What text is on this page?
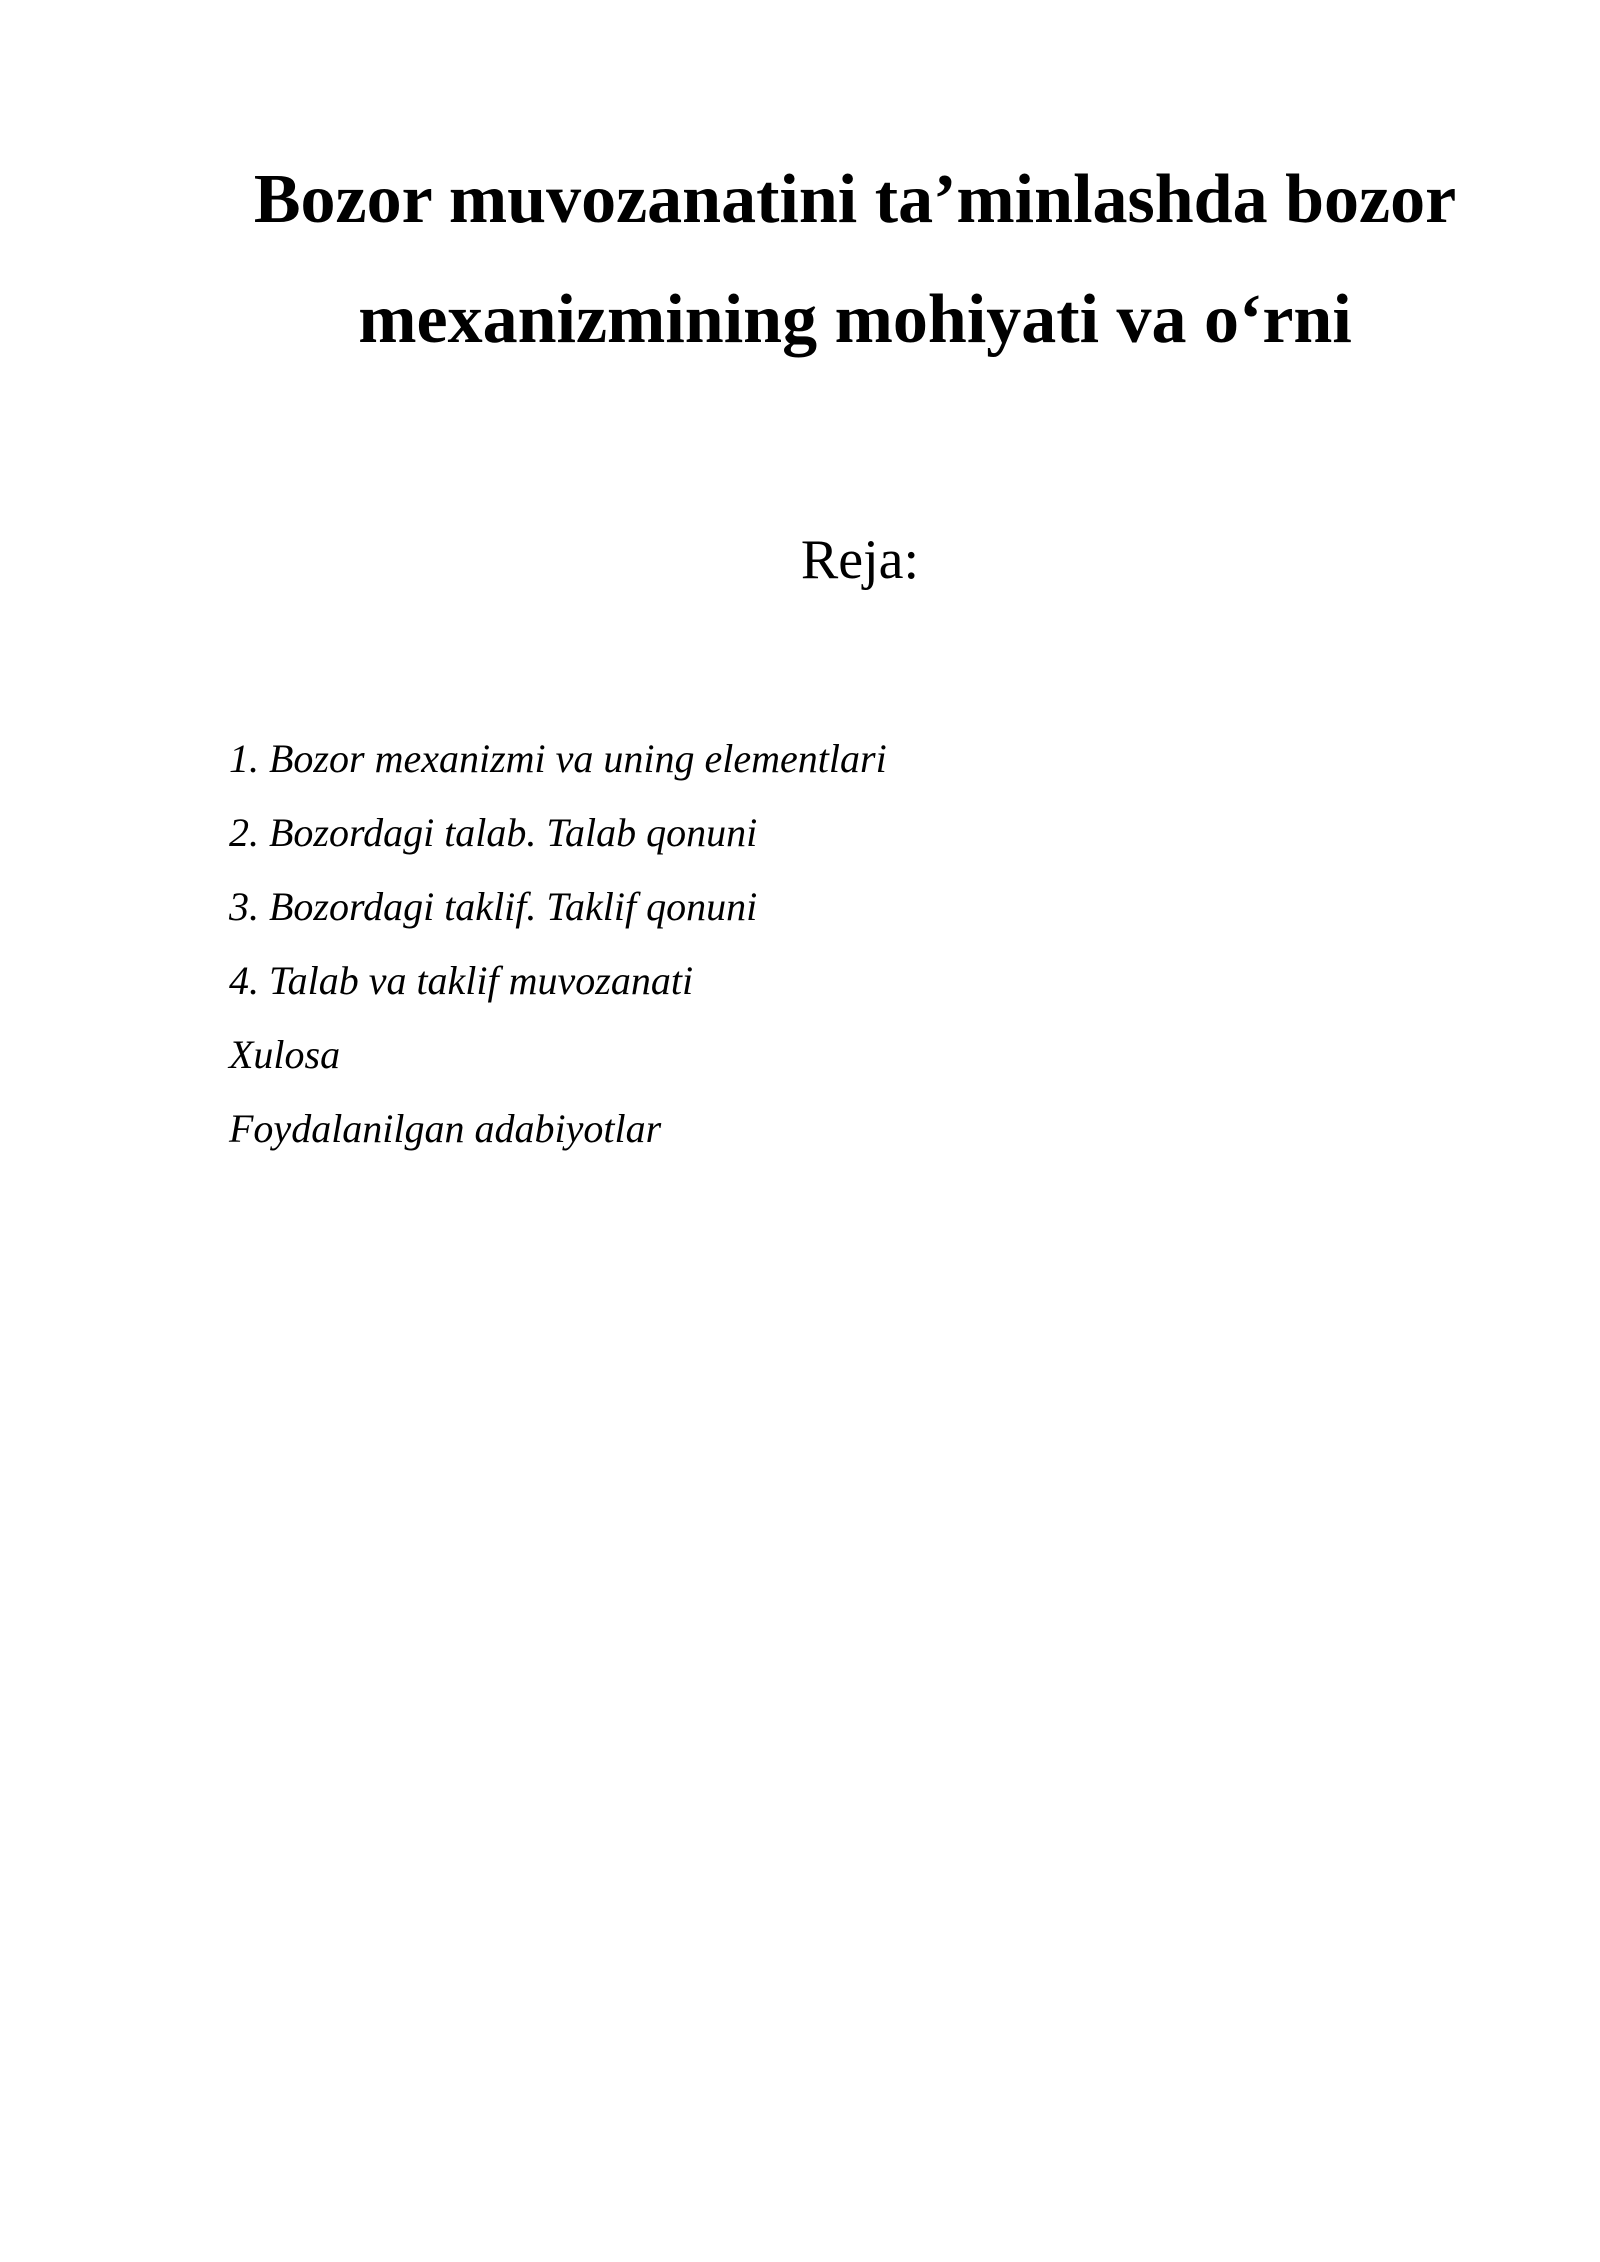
Bozor muvozanatini ta’minlashda bozor
mexanizmining mohiyati va o‘rni
Reja:
1. Bozor mexanizmi va uning elementlari
2. Bozordagi talab. Talab qonuni
3. Bozordagi taklif. Taklif qonuni
4. Talab va taklif muvozanati
Xulosa
Foydalanilgan adabiyotlar
